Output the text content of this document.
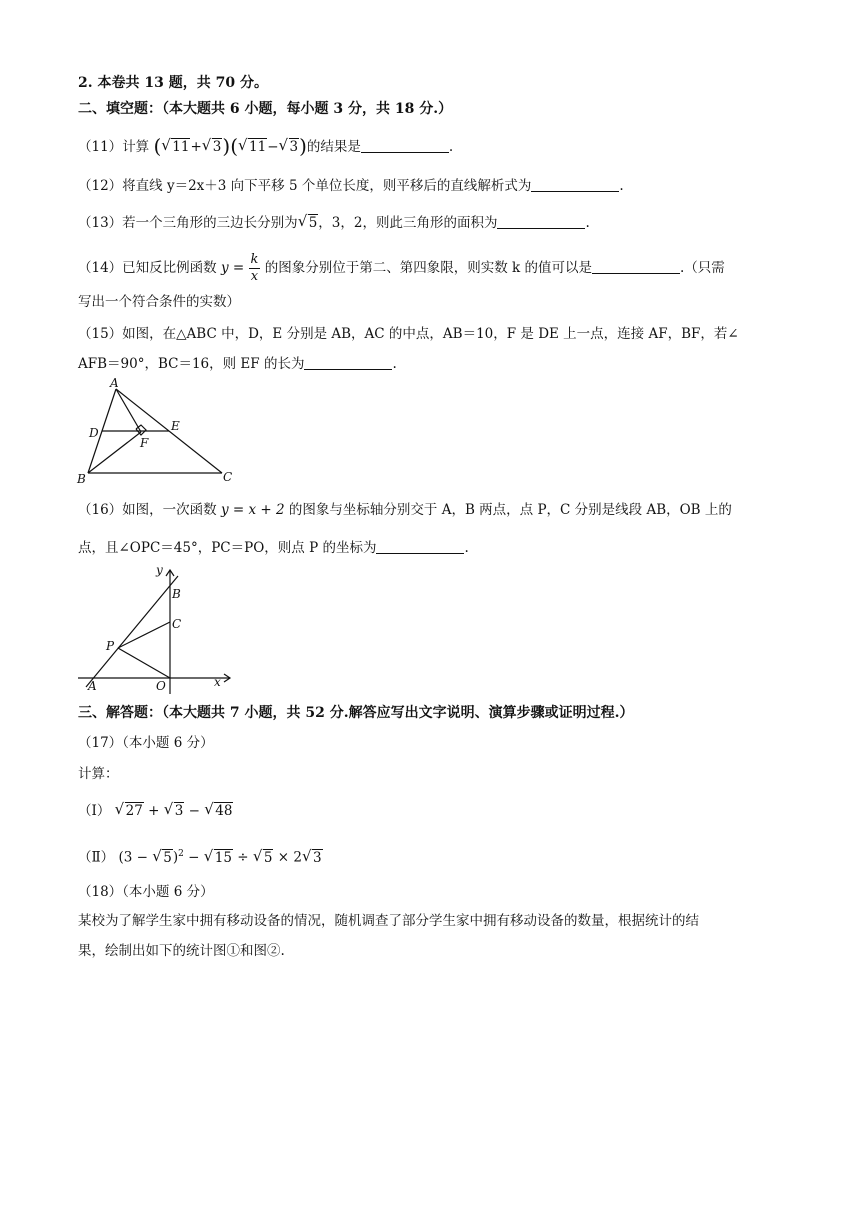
2. 本卷共 13 题，共 70 分。
二、填空题：（本大题共 6 小题，每小题 3 分，共 18 分.）
（11）计算 ( √ 11+ √ 3)( √ 11− √ 3)的结果是	.
（12）将直线 y＝2x＋3 向下平移 5 个单位长度，则平移后的直线解析式为	.
（13）若一个三角形的三边长分别为 √ 5，3，2，则此三角形的面积为	.
（14）已知反比例函数 $y = \frac{k}{x}$ 的图象分别位于第二、第四象限，则实数 k 的值可以是	.（只需
写出一个符合条件的实数）
（15）如图，在△ABC 中，D，E 分别是 AB，AC 的中点，AB＝10，F 是 DE 上一点，连接 AF，BF，若∠
AFB＝90°，BC＝16，则 EF 的长为	.
A
B	C
D	E
F
（16）如图，一次函数 y = x + 2 的图象与坐标轴分别交于 A，B 两点，点 P，C 分别是线段 AB，OB 上的
点，且∠OPC＝45°，PC＝PO，则点 P 的坐标为	.
y
x
B
C
P
A	O
三、解答题：（本大题共 7 小题，共 52 分.解答应写出文字说明、演算步骤或证明过程.）
（17）（本小题 6 分）
计算：
（Ⅰ） √ 27 + √ 3 − √ 48
（Ⅱ） (3 − √ 5)$^2$ − √ 15 ÷ √ 5 × 2 √ 3
（18）（本小题 6 分）
某校为了解学生家中拥有移动设备的情况，随机调查了部分学生家中拥有移动设备的数量，根据统计的结
果，绘制出如下的统计图①和图②.
